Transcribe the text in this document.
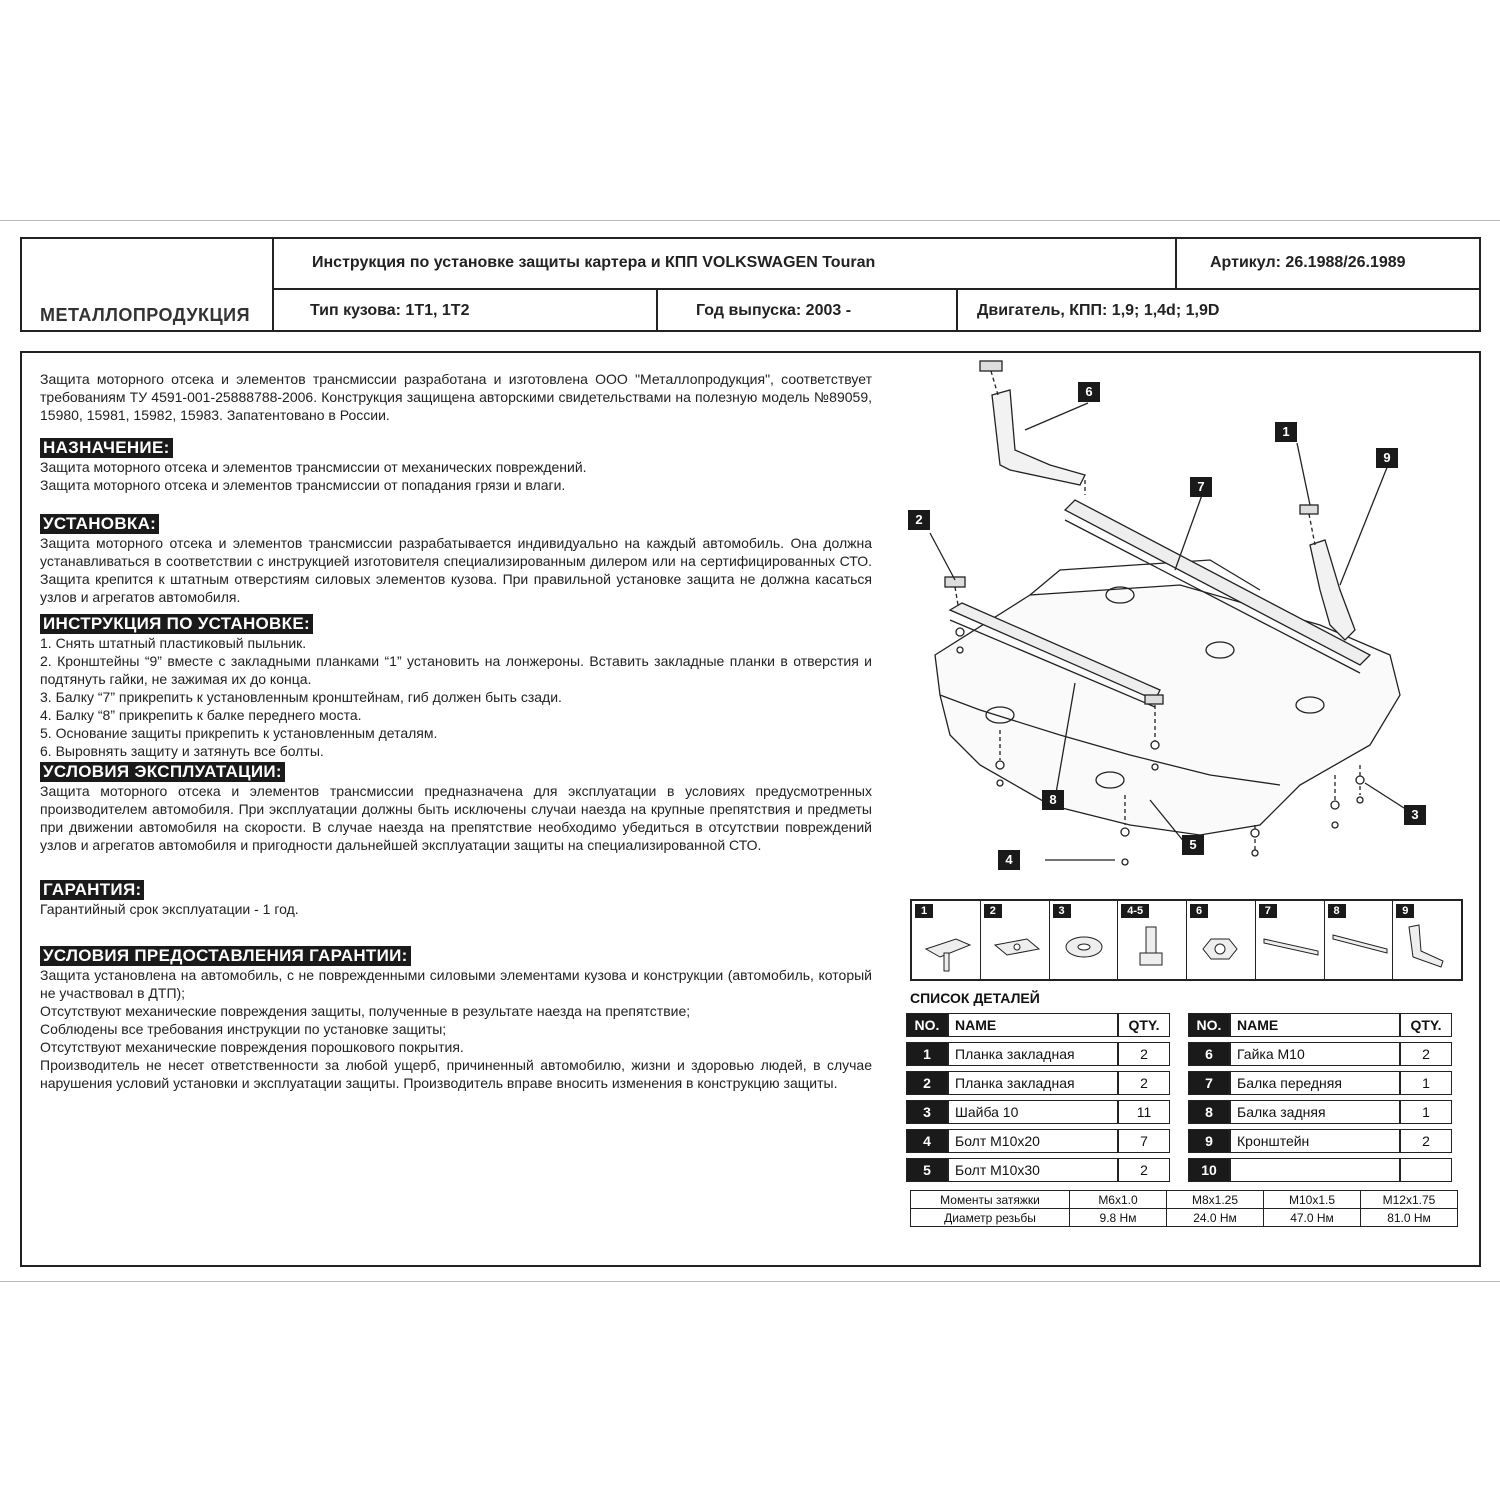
МЕТАЛЛОПРОДУКЦИЯ
Инструкция по установке защиты картера и КПП VOLKSWAGEN Touran	Артикул: 26.1988/26.1989
Тип кузова: 1Т1, 1Т2	Год выпуска: 2003 -	Двигатель, КПП: 1,9; 1,4d; 1,9D

Защита моторного отсека и элементов трансмиссии разработана и изготовлена ООО "Металлопродукция", соответствует требованиям ТУ 4591-001-25888788-2006. Конструкция защищена авторскими свидетельствами на полезную модель №89059, 15980, 15981, 15982, 15983. Запатентовано в России.

НАЗНАЧЕНИЕ:

Защита моторного отсека и элементов трансмиссии от механических повреждений.

Защита моторного отсека и элементов трансмиссии от попадания грязи и влаги.

УСТАНОВКА:

Защита моторного отсека и элементов трансмиссии разрабатывается индивидуально на каждый автомобиль. Она должна устанавливаться в соответствии с инструкцией изготовителя специализированным дилером или на сертифицированных СТО. Защита крепится к штатным отверстиям силовых элементов кузова. При правильной установке защита не должна касаться узлов и агрегатов автомобиля.

ИНСТРУКЦИЯ ПО УСТАНОВКЕ:

1. Снять штатный пластиковый пыльник.

2. Кронштейны “9” вместе с закладными планками “1” установить на лонжероны. Вставить закладные планки в отверстия и подтянуть гайки, не зажимая их до конца.

3. Балку “7” прикрепить к установленным кронштейнам, гиб должен быть сзади.

4. Балку “8” прикрепить к балке переднего моста.

5. Основание защиты прикрепить к установленным деталям.

6. Выровнять защиту и затянуть все болты.

УСЛОВИЯ ЭКСПЛУАТАЦИИ:

Защита моторного отсека и элементов трансмиссии предназначена для эксплуатации в условиях предусмотренных производителем автомобиля. При эксплуатации должны быть исключены случаи наезда на крупные препятствия и предметы при движении автомобиля на скорости. В случае наезда на препятствие необходимо убедиться в отсутствии повреждений узлов и агрегатов автомобиля и пригодности дальнейшей эксплуатации защиты на специализированной СТО.

ГАРАНТИЯ:

Гарантийный срок эксплуатации - 1 год.

УСЛОВИЯ ПРЕДОСТАВЛЕНИЯ ГАРАНТИИ:

Защита установлена на автомобиль, с не поврежденными силовыми элементами кузова и конструкции (автомобиль, который не участвовал в ДТП);

Отсутствуют механические повреждения защиты, полученные в результате наезда на препятствие;

Соблюдены все требования инструкции по установке защиты;

Отсутствуют механические повреждения порошкового покрытия.

Производитель не несет ответственности за любой ущерб, причиненный автомобилю, жизни и здоровью людей, в случае нарушения условий установки и эксплуатации защиты. Производитель вправе вносить изменения в конструкцию защиты.

6
1
9
7
2
3
8
5
4
1	2	3	4-5	6	7	8	9
СПИСОК ДЕТАЛЕЙ
NO.	NAME	QTY.
1	Планка закладная	2
2	Планка закладная	2
3	Шайба 10	11
4	Болт М10х20	7
5	Болт М10х30	2
NO.	NAME	QTY.
6	Гайка М10	2
7	Балка передняя	1
8	Балка задняя	1
9	Кронштейн	2
10		
Моменты затяжки	М6х1.0	М8х1.25	М10х1.5	М12х1.75
Диаметр резьбы	9.8 Нм	24.0 Нм	47.0 Нм	81.0 Нм
